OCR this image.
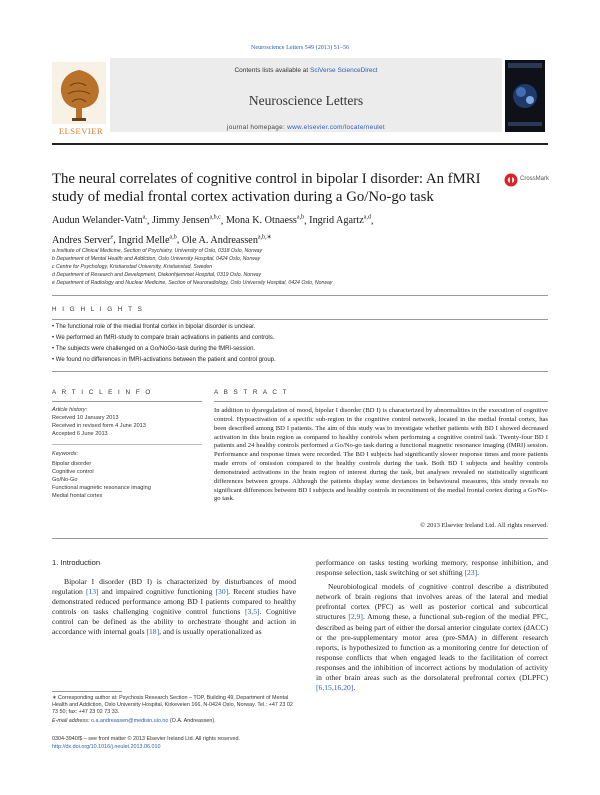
Neuroscience Letters 549 (2013) 51–56
ELSEVIER
Contents lists available at SciVerse ScienceDirect
Neuroscience Letters
journal homepage: www.elsevier.com/locate/neulet
The neural correlates of cognitive control in bipolar I disorder: An fMRI study of medial frontal cortex activation during a Go/No-go task
CrossMark
Audun Welander-Vatn$^{a,}$, Jimmy Jensen$^{a,b,c}$, Mona K. Otnaess$^{a,b}$, Ingrid Agartz$^{a,d}$,
Andres Server$^e$, Ingrid Melle$^{a,b}$, Ole A. Andreassen$^{a,b,∗}$
a Institute of Clinical Medicine, Section of Psychiatry, University of Oslo, 0318 Oslo, Norway
b Department of Mental Health and Addiction, Oslo University Hospital, 0424 Oslo, Norway
c Centre for Psychology, Kristianstad University, Kristianstad, Sweden
d Department of Research and Development, Diakonhjemmet Hospital, 0319 Oslo, Norway
e Department of Radiology and Nuclear Medicine, Section of Neuroradiology, Oslo University Hospital, 0424 Oslo, Norway
H I G H L I G H T S
• The functional role of the medial frontal cortex in bipolar disorder is unclear.
• We performed an fMRI-study to compare brain activations in patients and controls.
• The subjects were challenged on a Go/NoGo-task during the fMRI-session.
• We found no differences in fMRI-activations between the patient and control group.
A R T I C L E I N F O	A B S T R A C T
Article history:
Received 10 January 2013
Received in revised form 4 June 2013
Accepted 6 June 2013
Keywords:
Bipolar disorder
Cognitive control
Go/No-Go
Functional magnetic resonance imaging
Medial frontal cortex
In addition to dysregulation of mood, bipolar I disorder (BD I) is characterized by abnormalities in the execution of cognitive control. Hypoactivation of a specific sub-region in the cognitive control network, located in the medial frontal cortex, has been described among BD I patients. The aim of this study was to investigate whether patients with BD I showed decreased activation in this brain region as compared to healthy controls when performing a cognitive control task. Twenty-four BD I patients and 24 healthy controls performed a Go/No-go task during a functional magnetic resonance imaging (fMRI) session. Performance and response times were recorded. The BD I subjects had significantly slower response times and more patients made errors of omission compared to the healthy controls during the task. Both BD I subjects and healthy controls demonstrated activations in the brain region of interest during the task, but analyses revealed no statistically significant differences between groups. Although the patients display some deviances in behavioural measures, this study reveals no significant differences between BD I subjects and healthy controls in recruitment of the medial frontal cortex during a Go/No-go task.
© 2013 Elsevier Ireland Ltd. All rights reserved.
1. Introduction
Bipolar I disorder (BD I) is characterized by disturbances of mood regulation [13] and impaired cognitive functioning [30]. Recent studies have demonstrated reduced performance among BD I patients compared to healthy controls on tasks challenging cognitive control functions [3,5]. Cognitive control can be defined as the ability to orchestrate thought and action in accordance with internal goals [18], and is usually operationalized as
performance on tasks testing working memory, response inhibition, and response selection, task switching or set shifting [23].
Neurobiological models of cognitive control describe a distributed network of brain regions that involves areas of the lateral and medial prefrontal cortex (PFC) as well as posterior cortical and subcortical structures [2,9]. Among these, a functional sub-region of the medial PFC, described as being part of either the dorsal anterior cingulate cortex (dACC) or the pre-supplementary motor area (pre-SMA) in different research reports, is hypothesized to function as a monitoring centre for detection of response conflicts that when engaged leads to the facilitation of correct responses and the inhibition of incorrect actions by modulation of activity in other brain areas such as the dorsolateral prefrontal cortex (DLPFC) [6,15,16,20].
∗ Corresponding author at: Psychosis Research Section – TOP, Building 49, Department of Mental Health and Addiction, Oslo University Hospital, Kirkeveien 166, N-0424 Oslo, Norway. Tel.: +47 23 02 73 50; fax: +47 23 02 73 33.
E-mail address: o.a.andreassen@medisin.uio.no (O.A. Andreassen).
0304-3940/$ – see front matter © 2013 Elsevier Ireland Ltd. All rights reserved.
http://dx.doi.org/10.1016/j.neulet.2013.06.010
